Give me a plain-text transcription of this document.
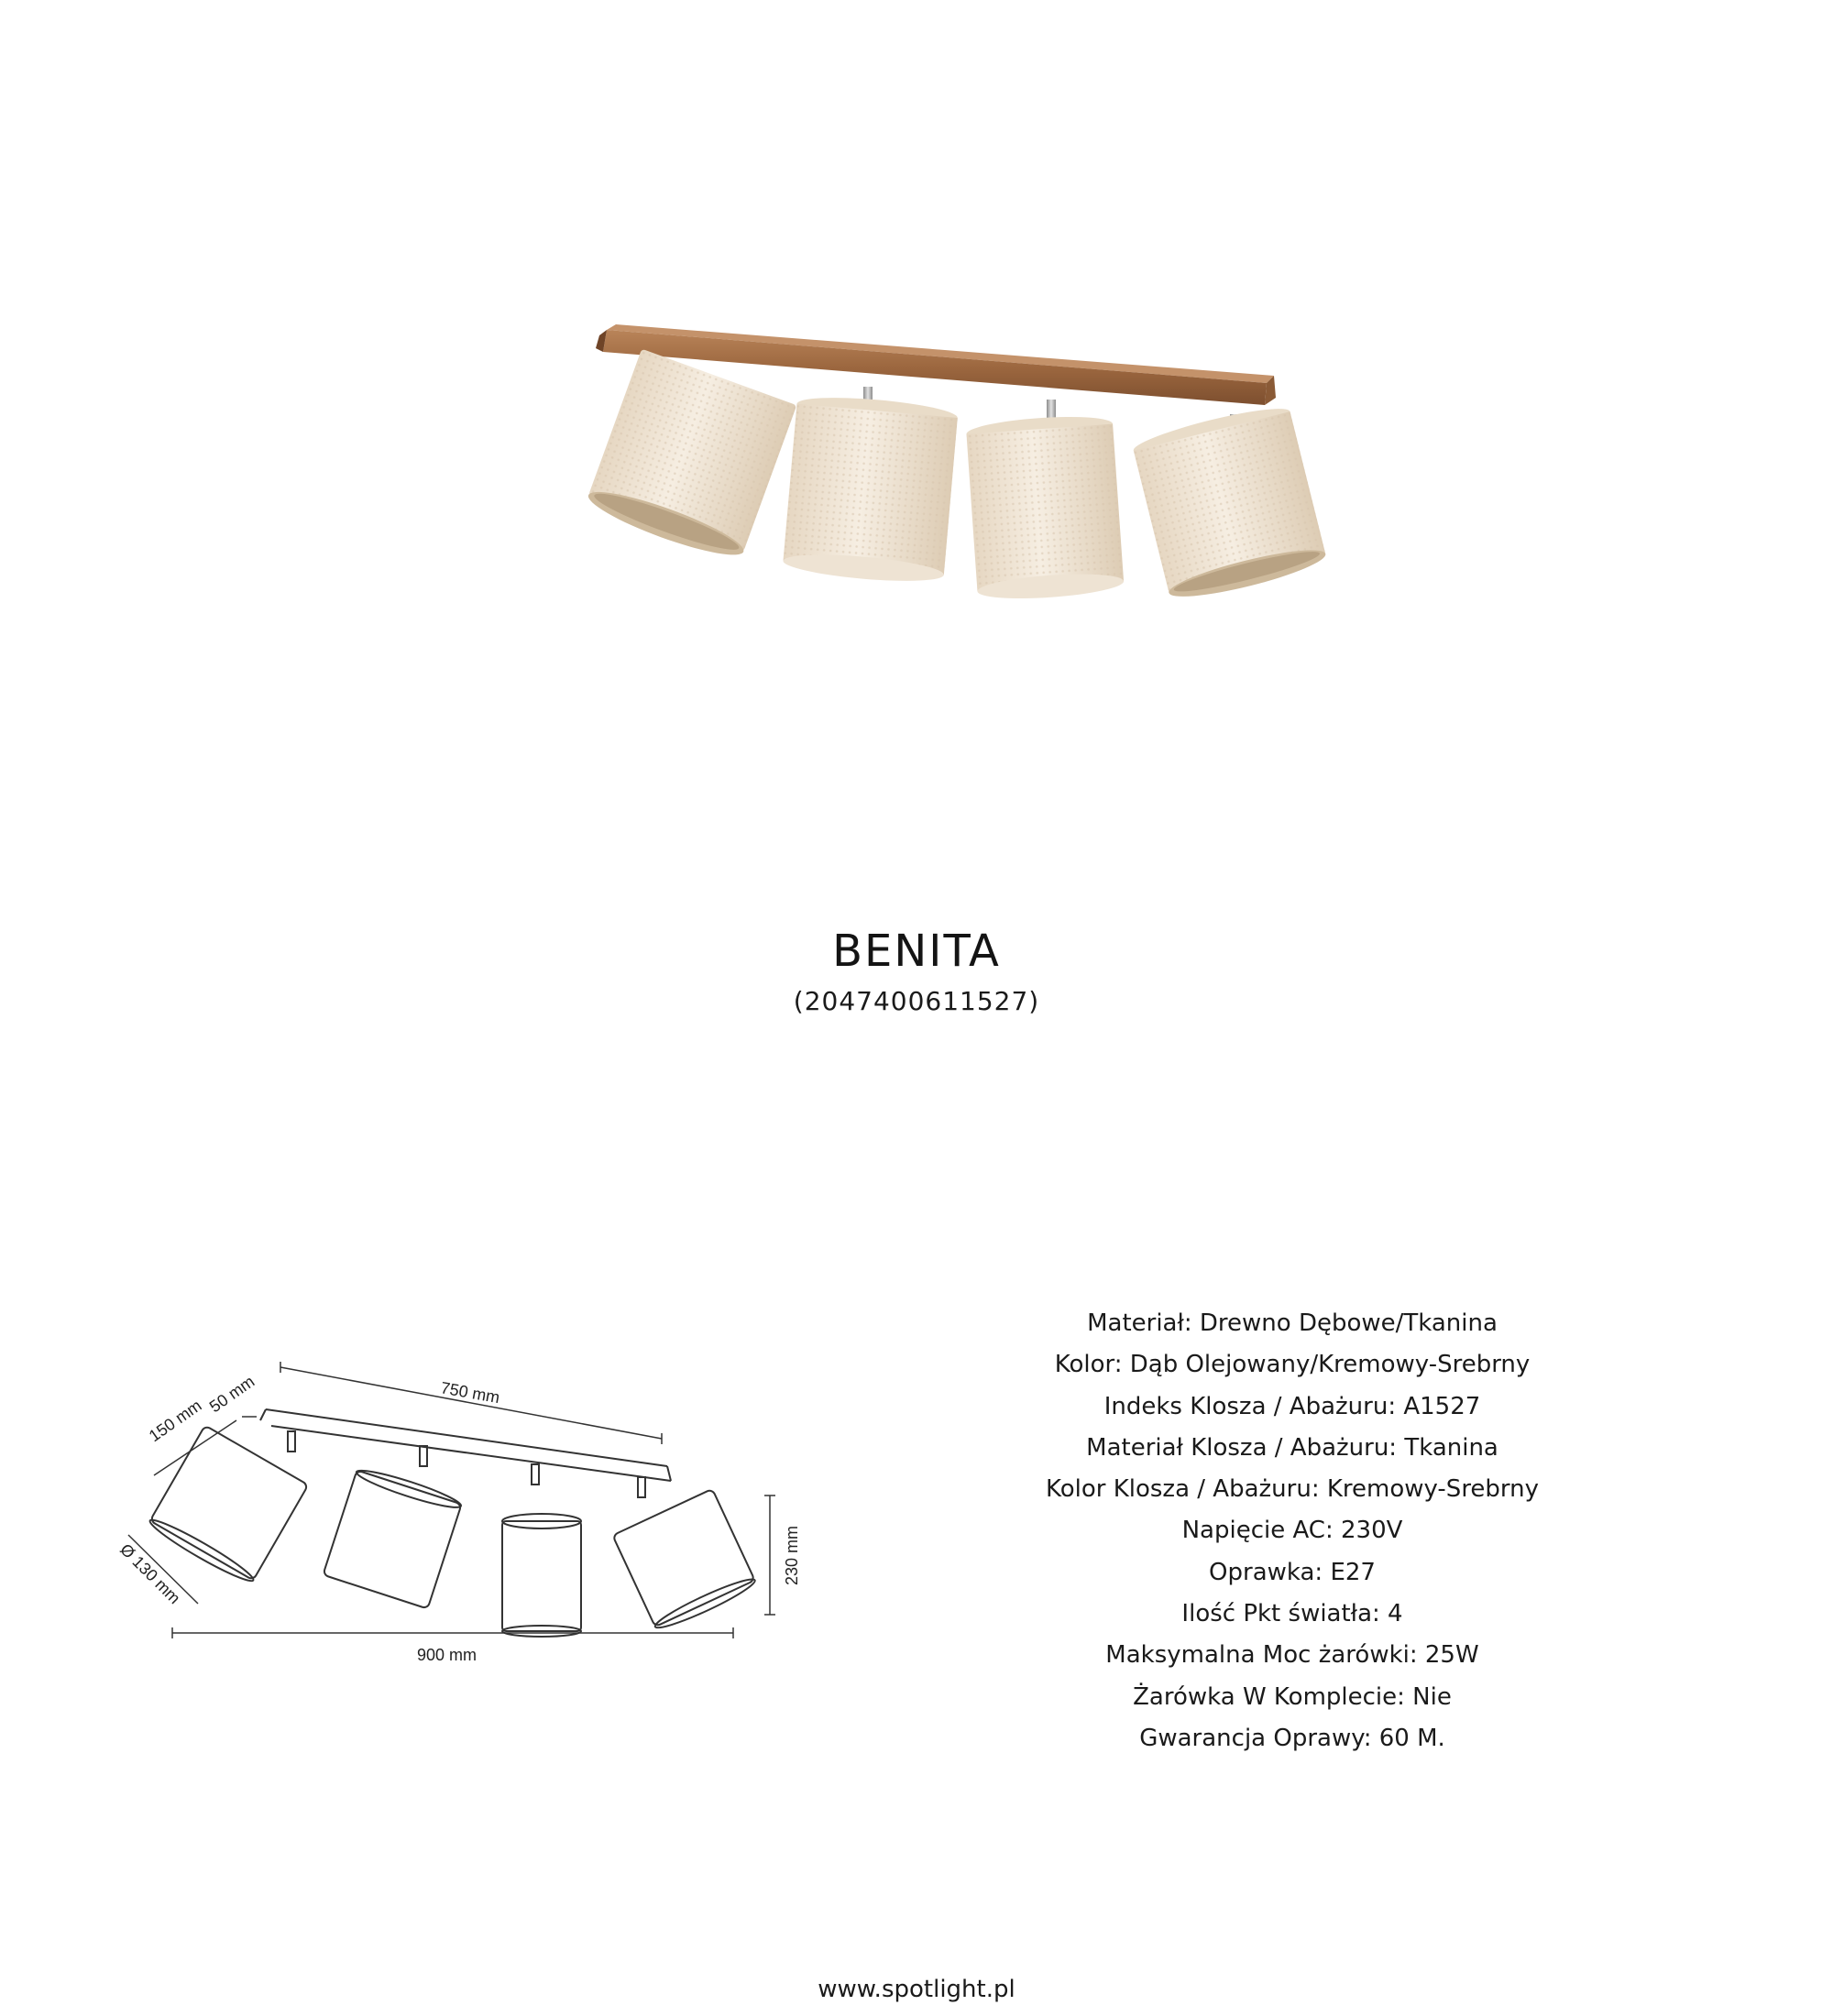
BENITA
(2047400611527)
750 mm
900 mm
230 mm
150 mm
50 mm
Ø 130 mm
Materiał: Drewno Dębowe/Tkanina
Kolor: Dąb Olejowany/Kremowy-Srebrny
Indeks Klosza / Abażuru: A1527
Materiał Klosza / Abażuru: Tkanina
Kolor Klosza / Abażuru: Kremowy-Srebrny
Napięcie AC: 230V
Oprawka: E27
Ilość Pkt światła: 4
Maksymalna Moc żarówki: 25W
Żarówka W Komplecie: Nie
Gwarancja Oprawy: 60 M.
www.spotlight.pl
